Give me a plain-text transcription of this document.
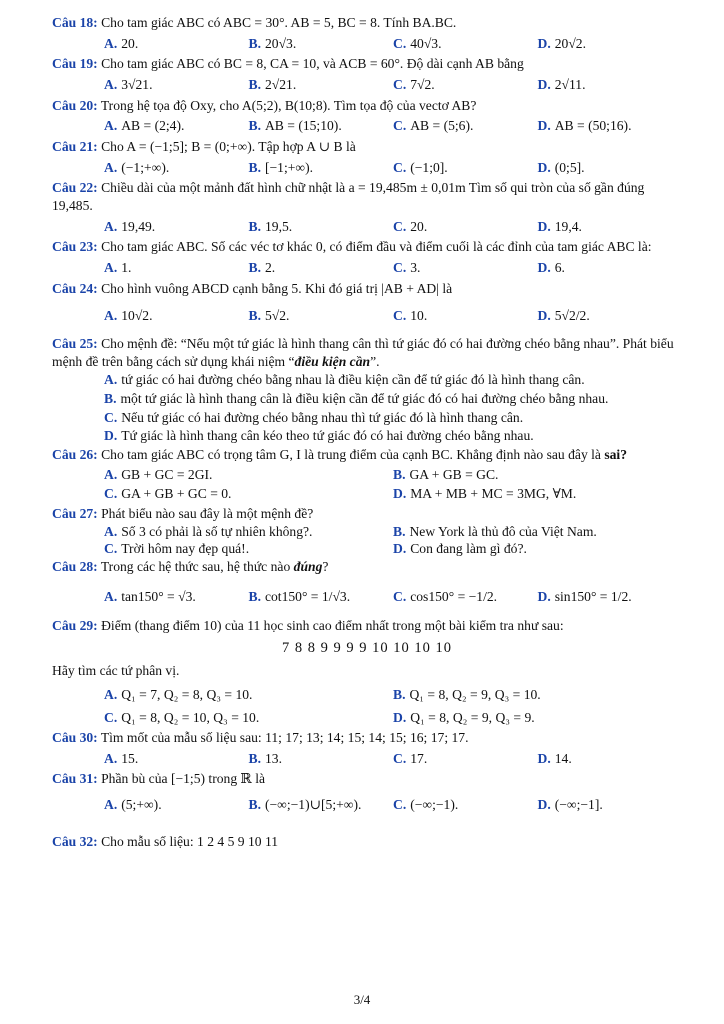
Câu 18: Cho tam giác ABC có ABC = 30°. AB = 5, BC = 8. Tính BA.BC.
A. 20.	B. 20√3.	C. 40√3.	D. 20√2.
Câu 19: Cho tam giác ABC có BC = 8, CA = 10, và ACB = 60°. Độ dài cạnh AB bằng
A. 3√21.	B. 2√21.	C. 7√2.	D. 2√11.
Câu 20: Trong hệ tọa độ Oxy, cho A(5;2), B(10;8). Tìm tọa độ của vectơ AB?
A. AB = (2;4).	B. AB = (15;10).	C. AB = (5;6).	D. AB = (50;16).
Câu 21: Cho A = (−1;5]; B = (0;+∞). Tập hợp A ∪ B là
A. (−1;+∞).	B. [−1;+∞).	C. (−1;0].	D. (0;5].
Câu 22: Chiều dài của một mảnh đất hình chữ nhật là a = 19,485m ± 0,01m Tìm số qui tròn của số gần đúng 19,485.
A. 19,49.	B. 19,5.	C. 20.	D. 19,4.
Câu 23: Cho tam giác ABC. Số các véc tơ khác 0, có điểm đầu và điểm cuối là các đỉnh của tam giác ABC là:
A. 1.	B. 2.	C. 3.	D. 6.
Câu 24: Cho hình vuông ABCD cạnh bằng 5. Khi đó giá trị |AB + AD| là
A. 10√2.	B. 5√2.	C. 10.	D. 5√2/2.
Câu 25: Cho mệnh đề: “Nếu một tứ giác là hình thang cân thì tứ giác đó có hai đường chéo bằng nhau”. Phát biểu mệnh đề trên bằng cách sử dụng khái niệm “điều kiện cần”.
A. tứ giác có hai đường chéo bằng nhau là điều kiện cần để tứ giác đó là hình thang cân.
B. một tứ giác là hình thang cân là điều kiện cần để tứ giác đó có hai đường chéo bằng nhau.
C. Nếu tứ giác có hai đường chéo bằng nhau thì tứ giác đó là hình thang cân.
D. Tứ giác là hình thang cân kéo theo tứ giác đó có hai đường chéo bằng nhau.
Câu 26: Cho tam giác ABC có trọng tâm G, I là trung điểm của cạnh BC. Khẳng định nào sau đây là sai?
A. GB + GC = 2GI.	B. GA + GB = GC.
C. GA + GB + GC = 0.	D. MA + MB + MC = 3MG, ∀M.
Câu 27: Phát biểu nào sau đây là một mệnh đề?
A. Số 3 có phải là số tự nhiên không?.	B. New York là thủ đô của Việt Nam.
C. Trời hôm nay đẹp quá!.	D. Con đang làm gì đó?.
Câu 28: Trong các hệ thức sau, hệ thức nào đúng?
A. tan150° = √3.	B. cot150° = 1/√3.	C. cos150° = −1/2.	D. sin150° = 1/2.
Câu 29: Điểm (thang điểm 10) của 11 học sinh cao điểm nhất trong một bài kiểm tra như sau:
7 8 8 9 9 9 9 10 10 10 10
Hãy tìm các tứ phân vị.
A. Q₁ = 7, Q₂ = 8, Q₃ = 10.	B. Q₁ = 8, Q₂ = 9, Q₃ = 10.
C. Q₁ = 8, Q₂ = 10, Q₃ = 10.	D. Q₁ = 8, Q₂ = 9, Q₃ = 9.
Câu 30: Tìm mốt của mẫu số liệu sau: 11; 17; 13; 14; 15; 14; 15; 16; 17; 17.
A. 15.	B. 13.	C. 17.	D. 14.
Câu 31: Phần bù của [−1;5) trong ℝ là
A. (5;+∞).	B. (−∞;−1)∪[5;+∞).	C. (−∞;−1).	D. (−∞;−1].
Câu 32: Cho mẫu số liệu: 1 2 4 5 9 10 11
3/4
